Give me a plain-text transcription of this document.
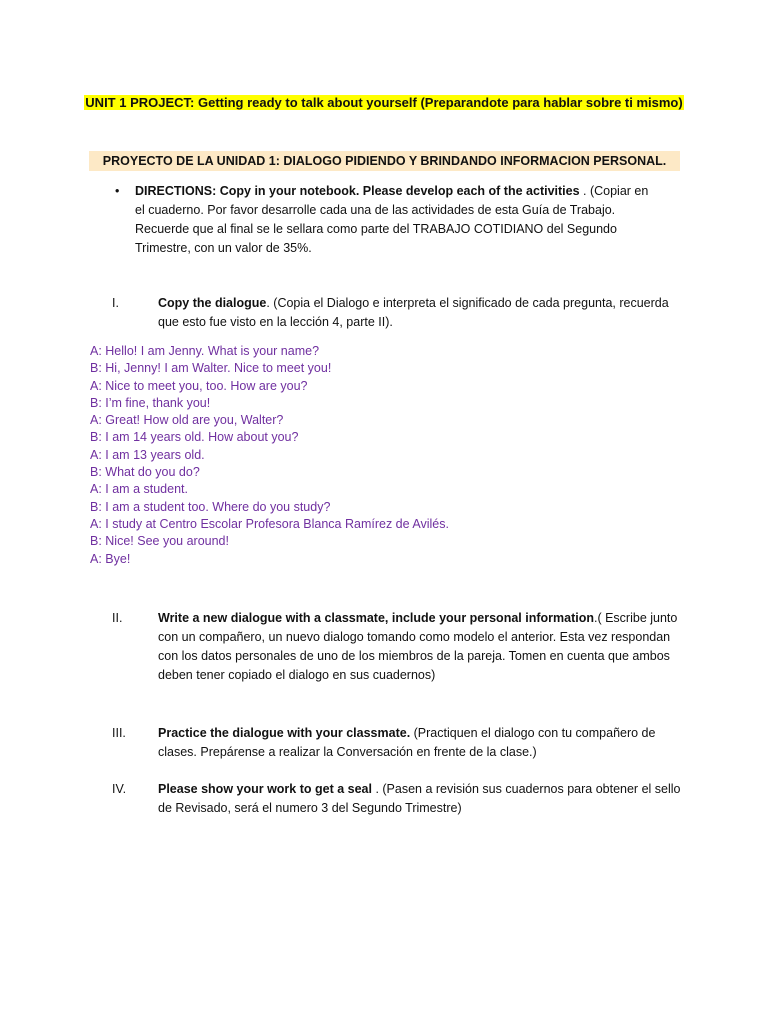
UNIT 1 PROJECT: Getting ready to talk about yourself (Preparandote para hablar sobre ti mismo)
PROYECTO DE LA UNIDAD 1: DIALOGO PIDIENDO Y BRINDANDO INFORMACION PERSONAL.
•	DIRECTIONS: Copy in your notebook. Please develop each of the activities . (Copiar en el cuaderno. Por favor desarrolle cada una de las actividades de esta Guía de Trabajo. Recuerde que al final se le sellara como parte del TRABAJO COTIDIANO del Segundo Trimestre, con un valor de 35%.
I.	Copy the dialogue. (Copia el Dialogo e interpreta el significado de cada pregunta, recuerda que esto fue visto en la lección 4, parte II).
A: Hello! I am Jenny. What is your name?
B: Hi, Jenny! I am Walter. Nice to meet you!
A: Nice to meet you, too. How are you?
B: I’m fine, thank you!
A: Great! How old are you, Walter?
B: I am 14 years old. How about you?
A: I am 13 years old.
B: What do you do?
A: I am a student.
B: I am a student too. Where do you study?
A: I study at Centro Escolar Profesora Blanca Ramírez de Avilés.
B: Nice! See you around!
A: Bye!
II.	Write a new dialogue with a classmate, include your personal information.( Escribe junto con un compañero, un nuevo dialogo tomando como modelo el anterior. Esta vez respondan con los datos personales de uno de los miembros de la pareja. Tomen en cuenta que ambos deben tener copiado el dialogo en sus cuadernos)
III.	Practice the dialogue with your classmate. (Practiquen el dialogo con tu compañero de clases. Prepárense a realizar la Conversación en frente de la clase.)
IV.	Please show your work to get a seal . (Pasen a revisión sus cuadernos para obtener el sello de Revisado, será el numero 3 del Segundo Trimestre)
